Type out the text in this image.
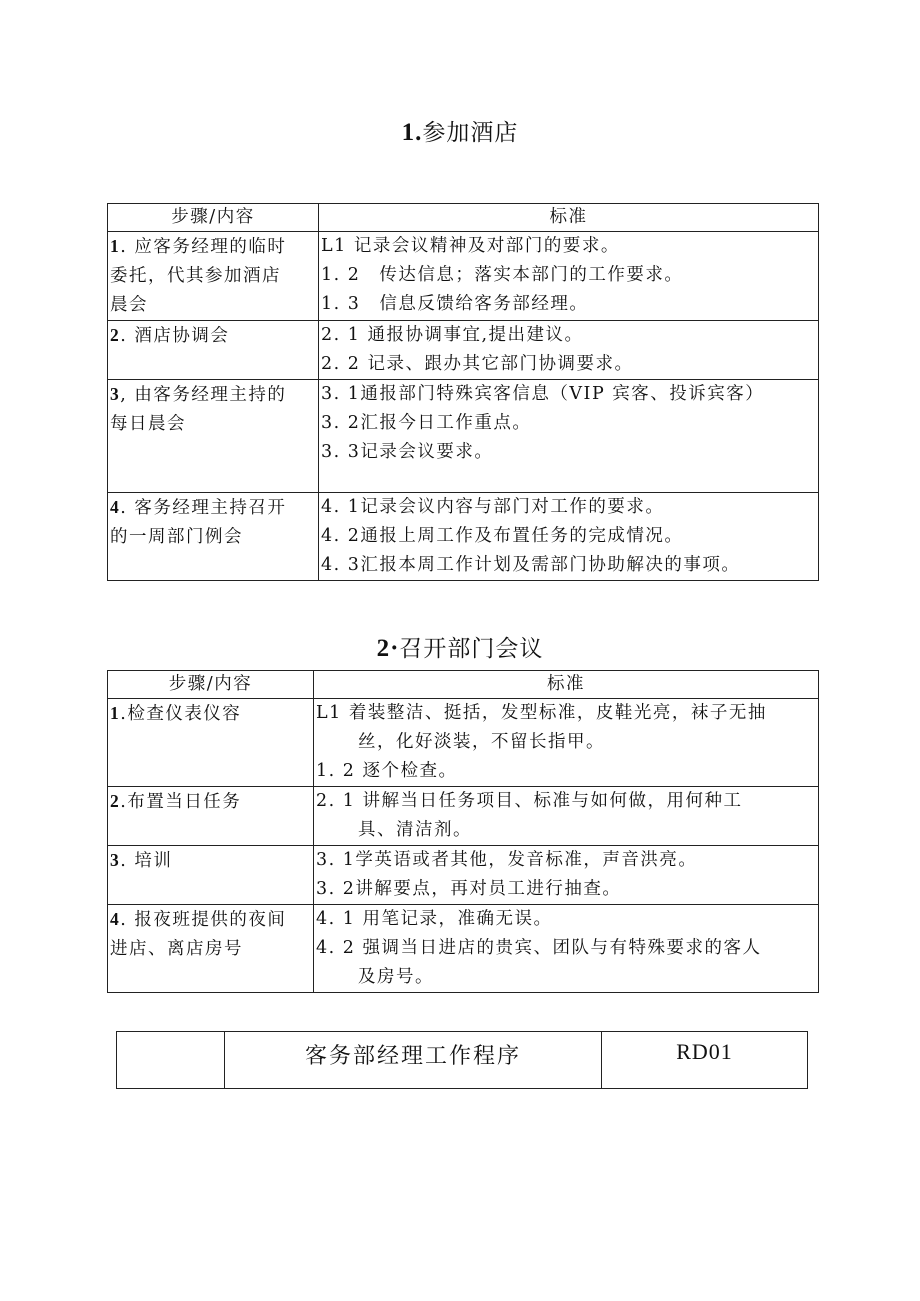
1.参加酒店
步骤/内容	标准

1. 应客务经理的临时
委托，代其参加酒店
晨会	L1 记录会议精神及对部门的要求。
1. 2　传达信息；落实本部门的工作要求。
1. 3　信息反馈给客务部经理。

2. 酒店协调会	2. 1 通报协调事宜,提出建议。
2. 2 记录、跟办其它部门协调要求。

3, 由客务经理主持的
每日晨会	3. 1通报部门特殊宾客信息（VIP 宾客、投诉宾客）
3. 2汇报今日工作重点。
3. 3记录会议要求。

4. 客务经理主持召开
的一周部门例会	4. 1记录会议内容与部门对工作的要求。
4. 2通报上周工作及布置任务的完成情况。
4. 3汇报本周工作计划及需部门协助解决的事项。
2·召开部门会议
步骤/内容	标准

1.检查仪表仪容	L1 着装整洁、挺括，发型标准，皮鞋光亮，袜子无抽
丝，化好淡装，不留长指甲。
1. 2 逐个检查。

2.布置当日任务	2. 1 讲解当日任务项目、标准与如何做，用何种工
具、清洁剂。

3. 培训	3. 1学英语或者其他，发音标准，声音洪亮。
3. 2讲解要点，再对员工进行抽查。

4. 报夜班提供的夜间
进店、离店房号	4. 1 用笔记录，准确无误。
4. 2 强调当日进店的贵宾、团队与有特殊要求的客人
及房号。
	客务部经理工作程序	RD01
